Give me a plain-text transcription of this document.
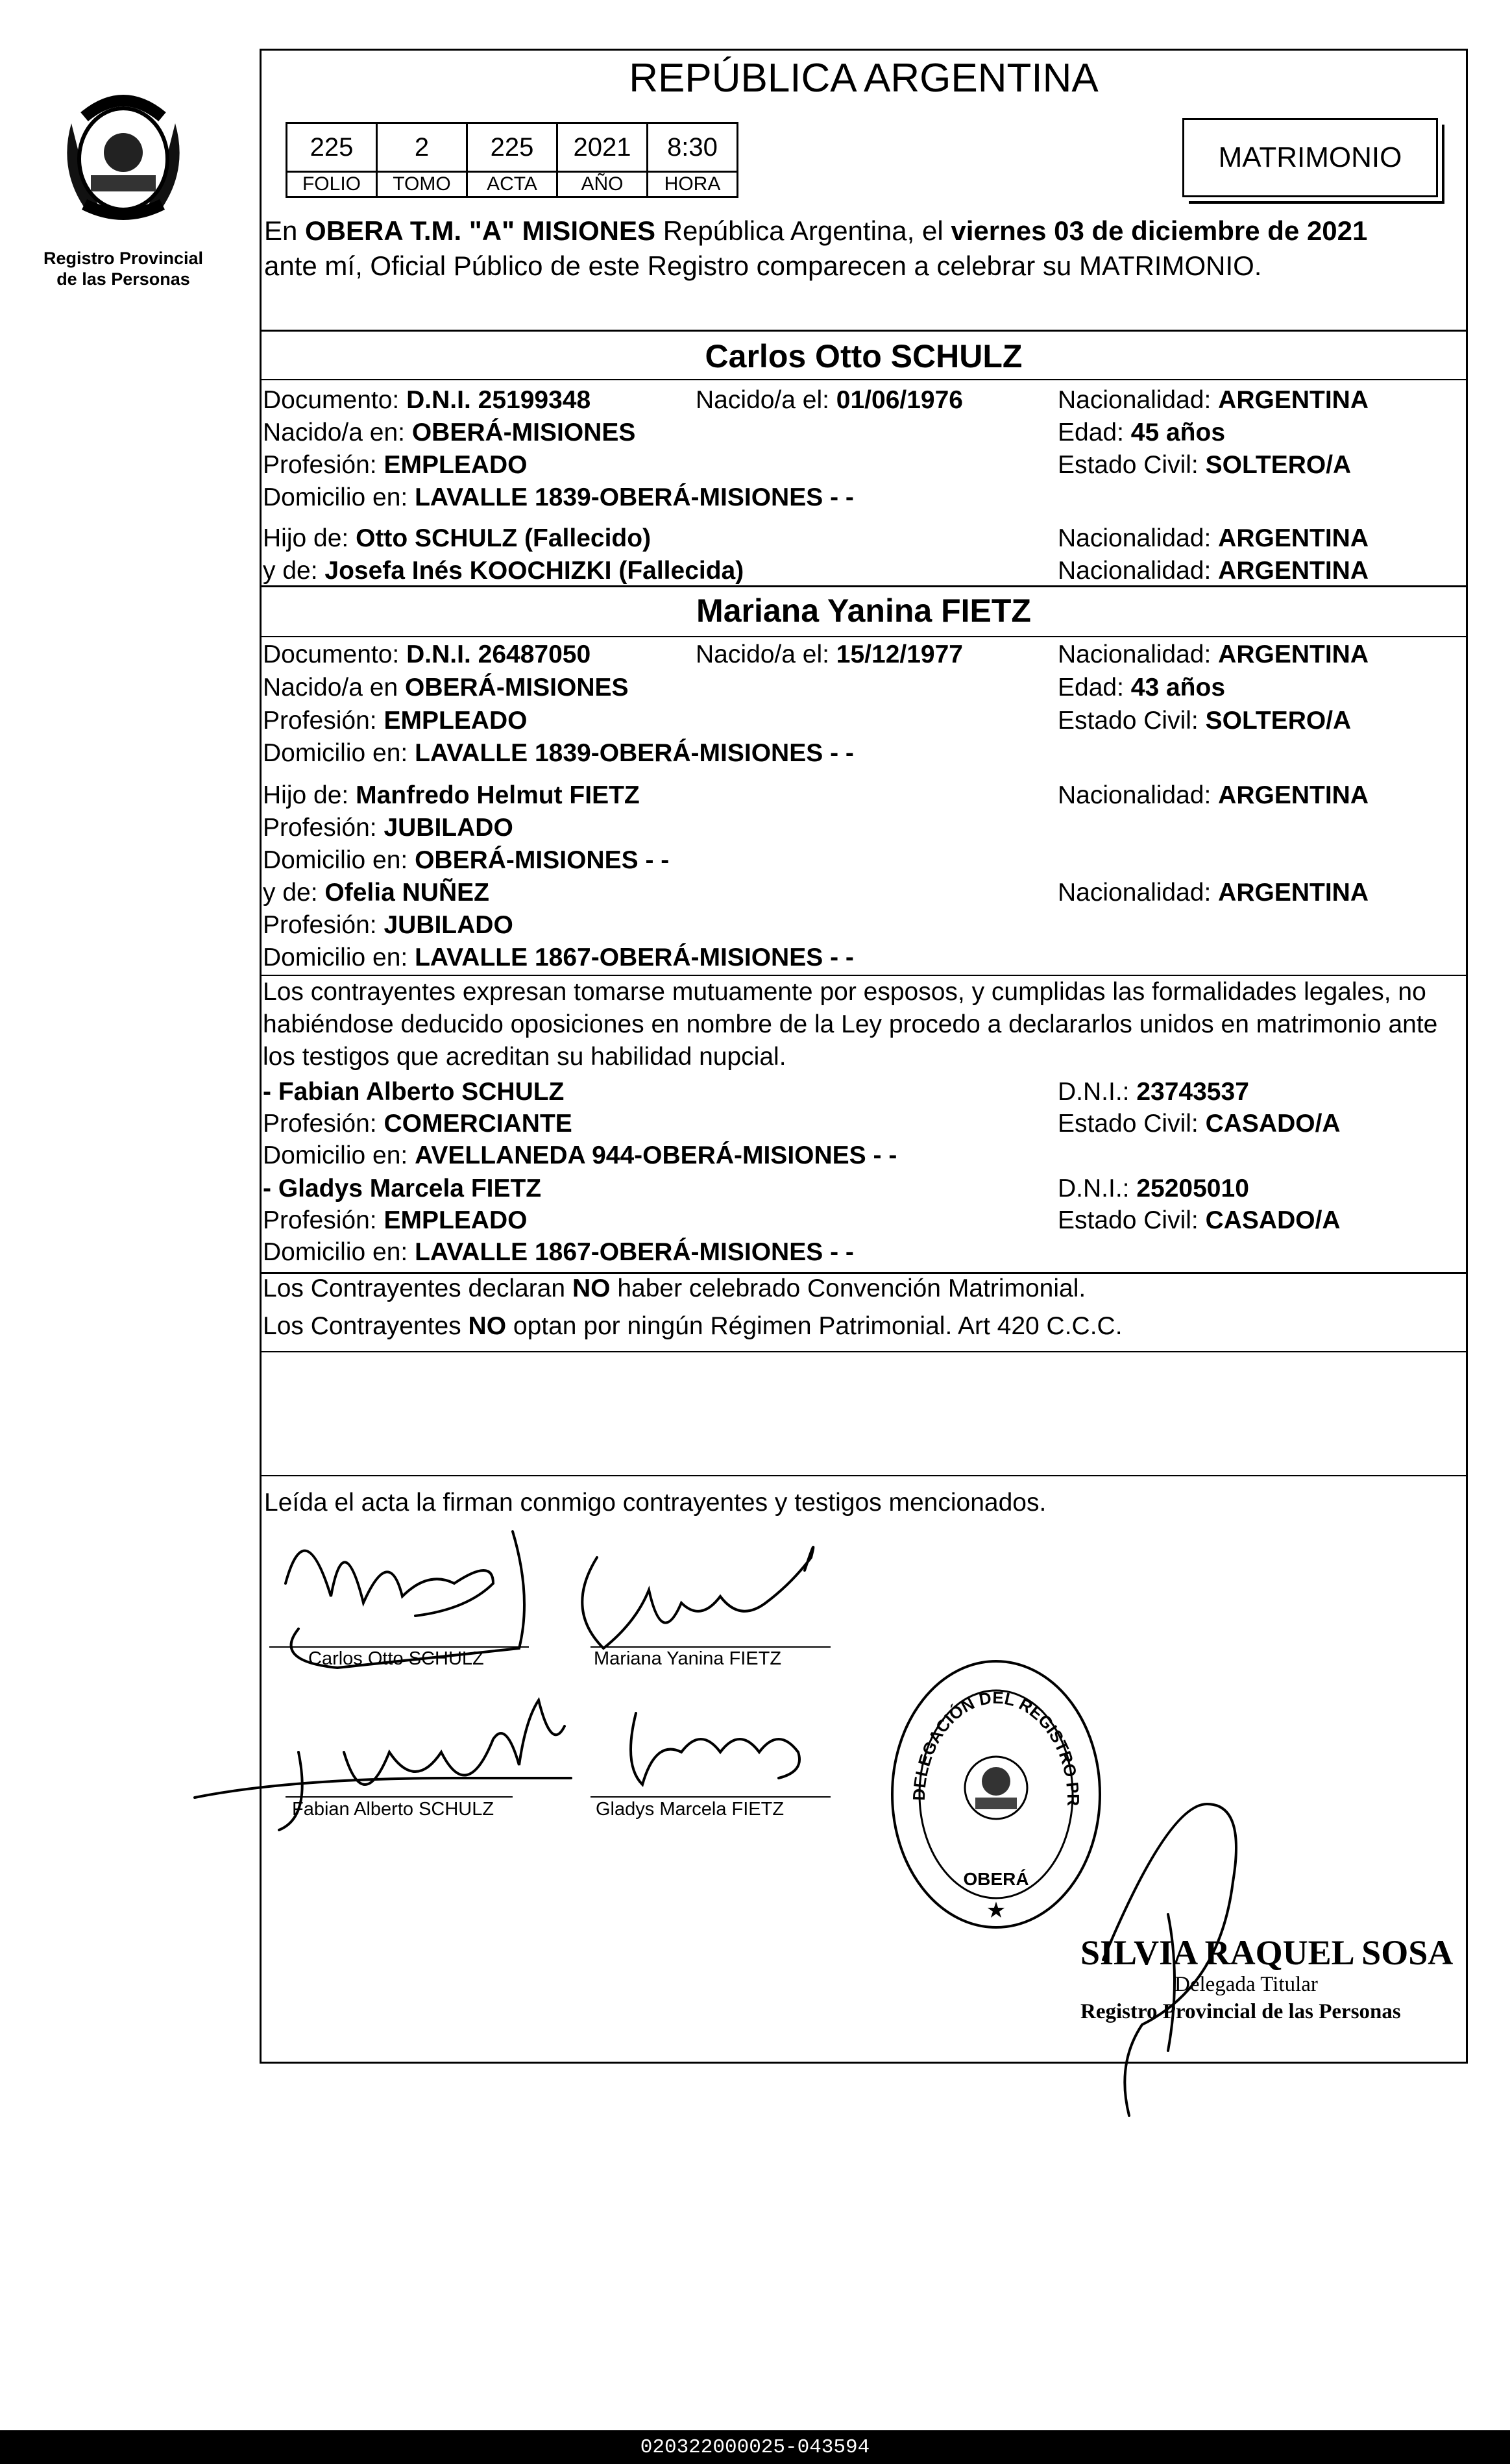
Registro Provincial
de las Personas
REPÚBLICA ARGENTINA
225	2	225	2021	8:30
FOLIO	TOMO	ACTA	AÑO	HORA
MATRIMONIO
En OBERA T.M. "A" MISIONES República Argentina, el viernes 03 de diciembre de 2021
ante mí, Oficial Público de este Registro comparecen a celebrar su MATRIMONIO.
Carlos Otto SCHULZ
Documento: D.N.I. 25199348	Nacido/a el: 01/06/1976	Nacionalidad: ARGENTINA
Nacido/a en: OBERÁ-MISIONES	Edad: 45 años
Profesión: EMPLEADO	Estado Civil: SOLTERO/A
Domicilio en: LAVALLE 1839-OBERÁ-MISIONES - -
Hijo de: Otto SCHULZ (Fallecido)	Nacionalidad: ARGENTINA
y de: Josefa Inés KOOCHIZKI (Fallecida)	Nacionalidad: ARGENTINA
Mariana Yanina FIETZ
Documento: D.N.I. 26487050	Nacido/a el: 15/12/1977	Nacionalidad: ARGENTINA
Nacido/a en OBERÁ-MISIONES	Edad: 43 años
Profesión: EMPLEADO	Estado Civil: SOLTERO/A
Domicilio en: LAVALLE 1839-OBERÁ-MISIONES - -
Hijo de: Manfredo Helmut FIETZ	Nacionalidad: ARGENTINA
Profesión: JUBILADO
Domicilio en: OBERÁ-MISIONES - -
y de: Ofelia NUÑEZ	Nacionalidad: ARGENTINA
Profesión: JUBILADO
Domicilio en: LAVALLE 1867-OBERÁ-MISIONES - -
Los contrayentes expresan tomarse mutuamente por esposos, y cumplidas las formalidades legales, no
habiéndose deducido oposiciones en nombre de la Ley procedo a declararlos unidos en matrimonio ante
los testigos que acreditan su habilidad nupcial.
- Fabian Alberto SCHULZ	D.N.I.: 23743537
Profesión: COMERCIANTE	Estado Civil: CASADO/A
Domicilio en: AVELLANEDA 944-OBERÁ-MISIONES - -
- Gladys Marcela FIETZ	D.N.I.: 25205010
Profesión: EMPLEADO	Estado Civil: CASADO/A
Domicilio en: LAVALLE 1867-OBERÁ-MISIONES - -
Los Contrayentes declaran NO haber celebrado Convención Matrimonial.
Los Contrayentes NO optan por ningún Régimen Patrimonial. Art 420 C.C.C.
Leída el acta la firman conmigo contrayentes y testigos mencionados.
Carlos Otto SCHULZ	Mariana Yanina FIETZ
Fabian Alberto SCHULZ	Gladys Marcela FIETZ
DELEGACIÓN DEL REGISTRO PR
OBERÁ
★
SILVIA RAQUEL SOSA
Delegada Titular
Registro Provincial de las Personas
020322000025-043594
